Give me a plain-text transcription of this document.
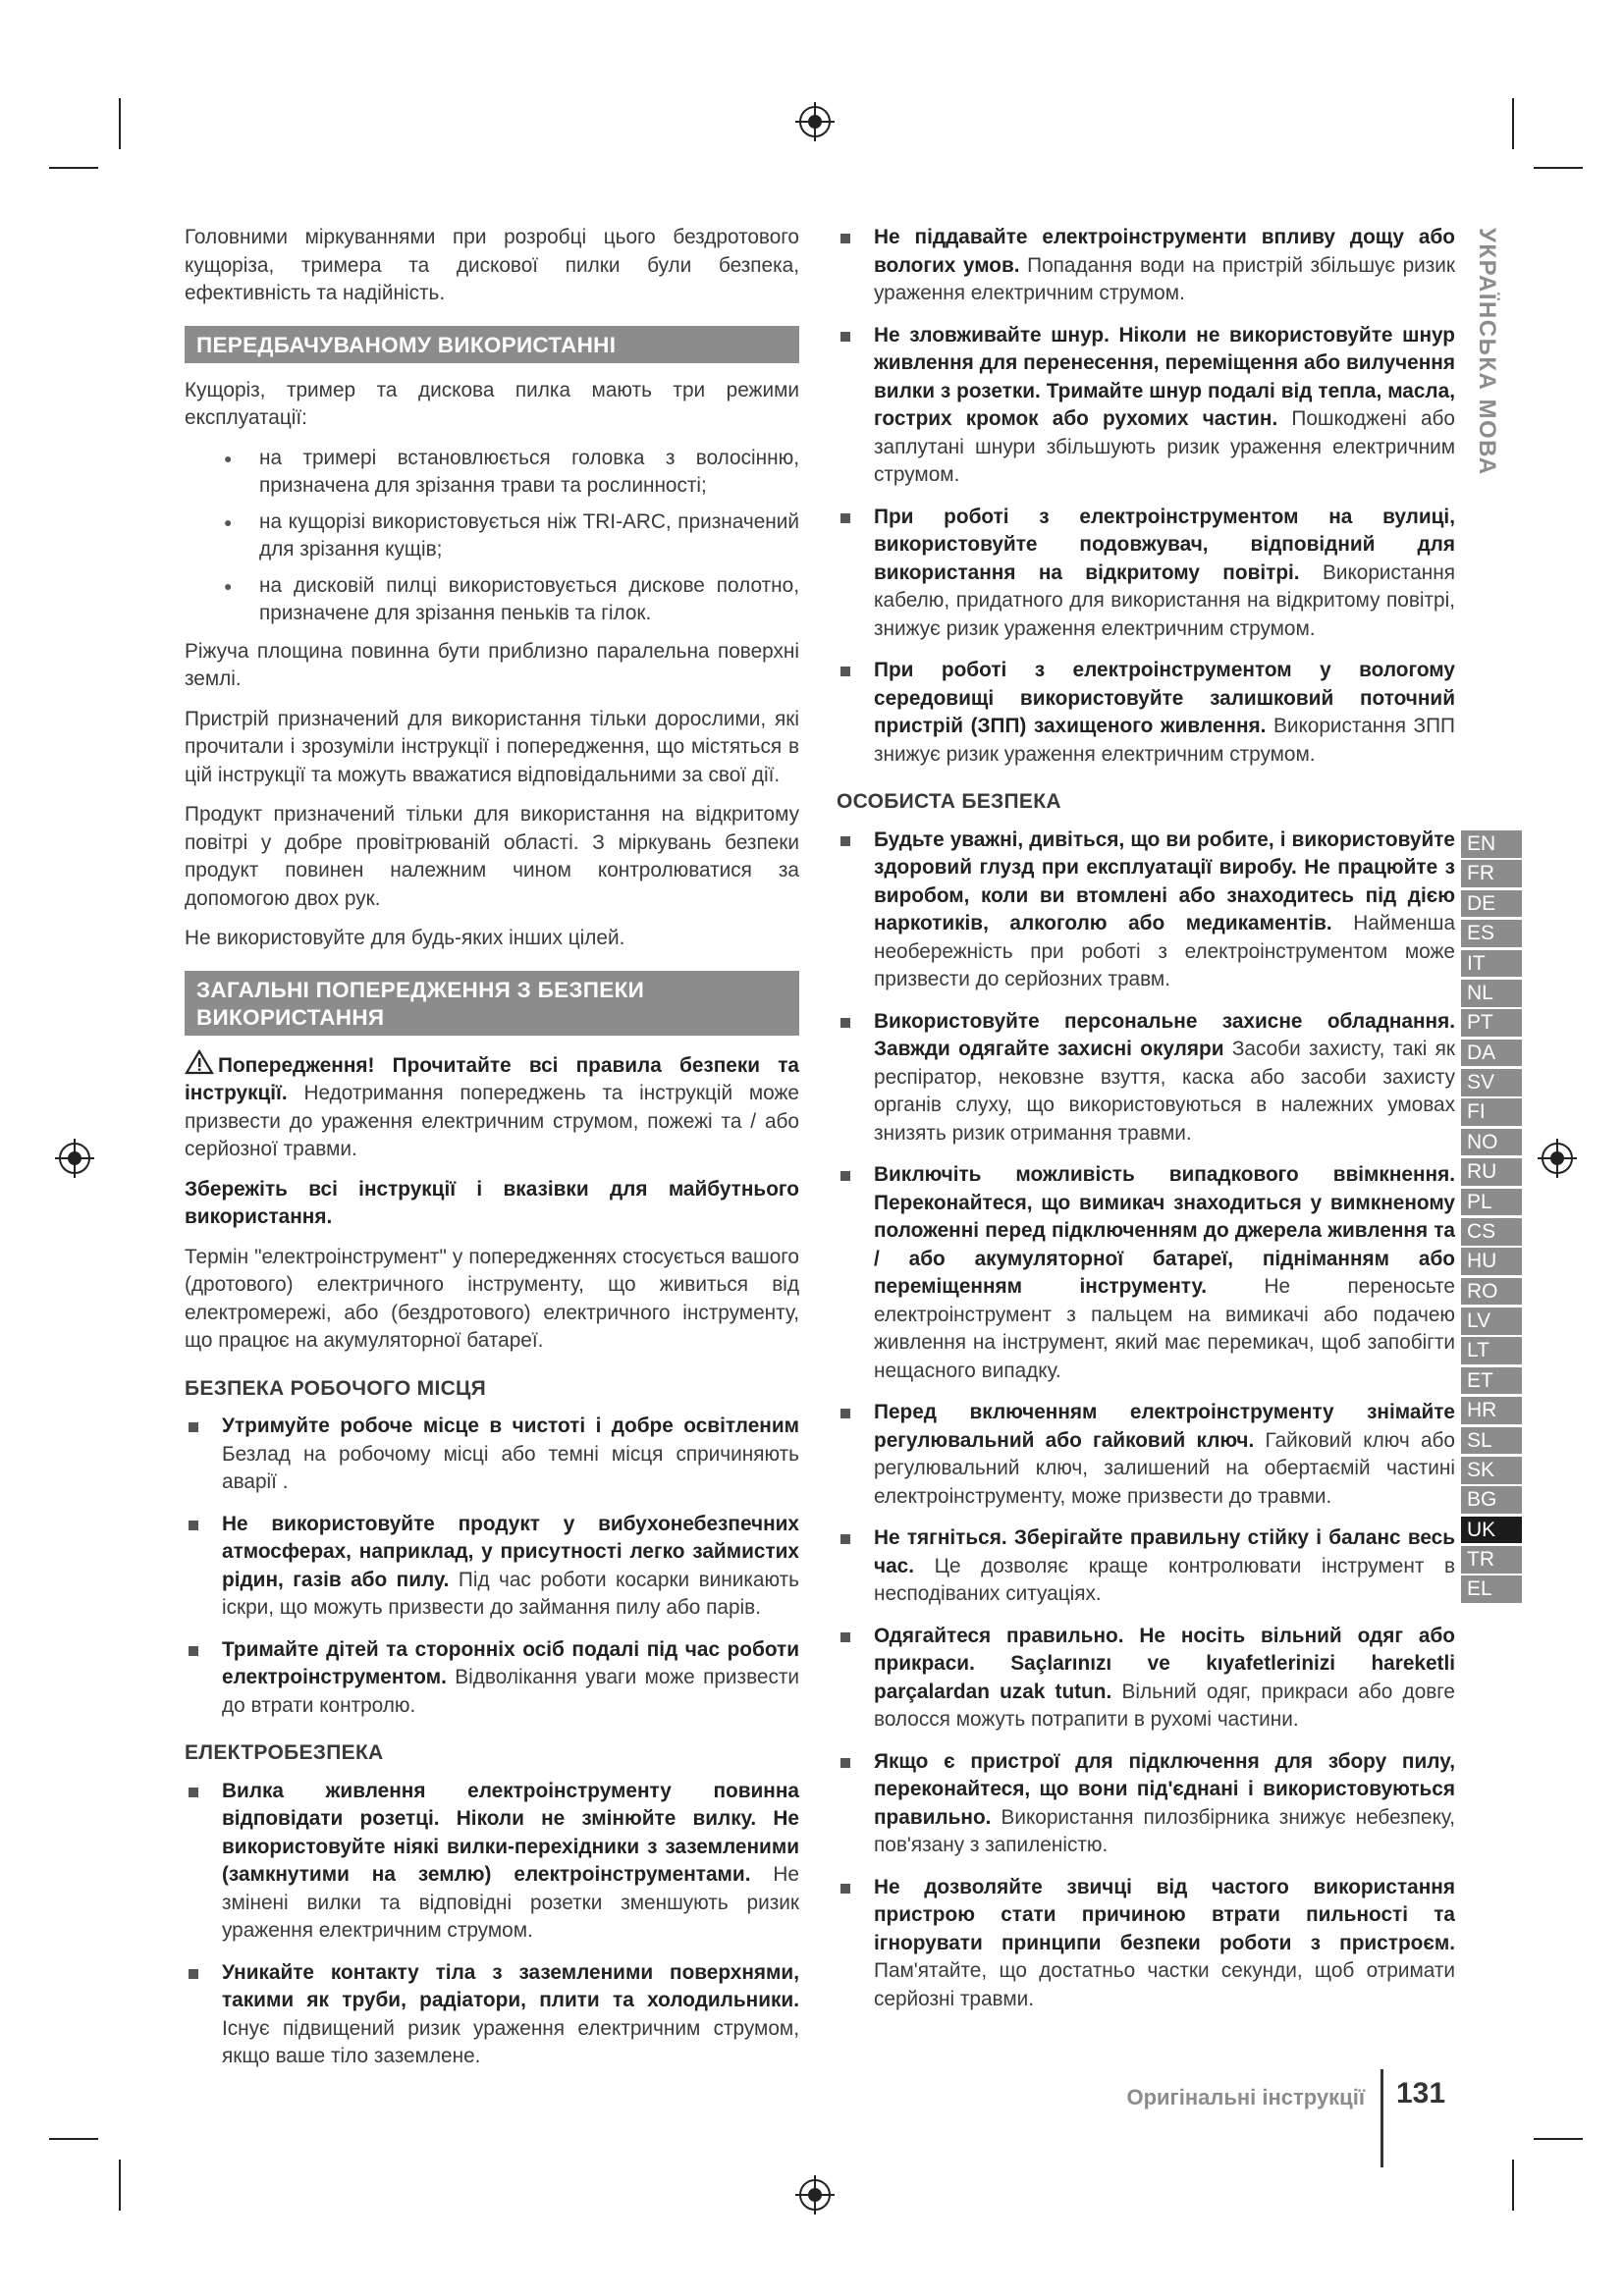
Головними міркуваннями при розробці цього бездротового кущоріза, тримера та дискової пилки були безпека, ефективність та надійність.

ПЕРЕДБАЧУВАНОМУ ВИКОРИСТАННІ

Кущоріз, тример та дискова пилка мають три режими експлуатації:

● на тримері встановлюється головка з волосінню, призначена для зрізання трави та рослинності;
● на кущорізі використовується ніж TRI-ARC, призначений для зрізання кущів;
● на дисковій пилці використовується дискове полотно, призначене для зрізання пеньків та гілок.

Ріжуча площина повинна бути приблизно паралельна поверхні землі.

Пристрій призначений для використання тільки дорослими, які прочитали і зрозуміли інструкції і попередження, що містяться в цій інструкції та можуть вважатися відповідальними за свої дії.

Продукт призначений тільки для використання на відкритому повітрі у добре провітрюваній області. З міркувань безпеки продукт повинен належним чином контролюватися за допомогою двох рук.

Не використовуйте для будь-яких інших цілей.

ЗАГАЛЬНІ ПОПЕРЕДЖЕННЯ З БЕЗПЕКИ
ВИКОРИСТАННЯ

Попередження! Прочитайте всі правила безпеки та інструкції. Недотримання попереджень та інструкцій може призвести до ураження електричним струмом, пожежі та / або серйозної травми.

Збережіть всі інструкції і вказівки для майбутнього використання.

Термін "електроінструмент" у попередженнях стосується вашого (дротового) електричного інструменту, що живиться від електромережі, або (бездротового) електричного інструменту, що працює на акумуляторної батареї.

БЕЗПЕКА РОБОЧОГО МІСЦЯ
Утримуйте робоче місце в чистоті і добре освітленим Безлад на робочому місці або темні місця спричиняють аварії .
Не використовуйте продукт у вибухонебезпечних атмосферах, наприклад, у присутності легко займистих рідин, газів або пилу. Під час роботи косарки виникають іскри, що можуть призвести до займання пилу або парів.
Тримайте дітей та сторонніх осіб подалі під час роботи електроінструментом. Відволікання уваги може призвести до втрати контролю.
ЕЛЕКТРОБЕЗПЕКА
Вилка живлення електроінструменту повинна відповідати розетці. Ніколи не змінюйте вилку. Не використовуйте ніякі вилки-перехідники з заземленими (замкнутими на землю) електроінструментами. Не змінені вилки та відповідні розетки зменшують ризик ураження електричним струмом.
Уникайте контакту тіла з заземленими поверхнями, такими як труби, радіатори, плити та холодильники. Існує підвищений ризик ураження електричним струмом, якщо ваше тіло заземлене.
Не піддавайте електроінструменти впливу дощу або вологих умов. Попадання води на пристрій збільшує ризик ураження електричним струмом.
Не зловживайте шнур. Ніколи не використовуйте шнур живлення для перенесення, переміщення або вилучення вилки з розетки. Тримайте шнур подалі від тепла, масла, гострих кромок або рухомих частин. Пошкоджені або заплутані шнури збільшують ризик ураження електричним струмом.
При роботі з електроінструментом на вулиці, використовуйте подовжувач, відповідний для використання на відкритому повітрі. Використання кабелю, придатного для використання на відкритому повітрі, знижує ризик ураження електричним струмом.
При роботі з електроінструментом у вологому середовищі використовуйте залишковий поточний пристрій (ЗПП) захищеного живлення. Використання ЗПП знижує ризик ураження електричним струмом.
ОСОБИСТА БЕЗПЕКА
Будьте уважні, дивіться, що ви робите, і використовуйте здоровий глузд при експлуатації виробу. Не працюйте з виробом, коли ви втомлені або знаходитесь під дією наркотиків, алкоголю або медикаментів. Найменша необережність при роботі з електроінструментом може призвести до серйозних травм.
Використовуйте персональне захисне обладнання. Завжди одягайте захисні окуляри Засоби захисту, такі як респіратор, нековзне взуття, каска або засоби захисту органів слуху, що використовуються в належних умовах знизять ризик отримання травми.
Виключіть можливість випадкового ввімкнення. Переконайтеся, що вимикач знаходиться у вимкненому положенні перед підключенням до джерела живлення та / або акумуляторної батареї, підніманням або переміщенням інструменту.	Не переносьте електроінструмент з пальцем на вимикачі або подачею живлення на інструмент, який має перемикач, щоб запобігти нещасного випадку.
Перед включенням електроінструменту знімайте регулювальний або гайковий ключ. Гайковий ключ або регулювальний ключ, залишений на обертаємій частині електроінструменту, може призвести до травми.
Не тягніться. Зберігайте правильну стійку і баланс весь час. Це дозволяє краще контролювати інструмент в несподіваних ситуаціях.
Одягайтеся правильно. Не носіть вільний одяг або прикраси. Saçlarınızı ve kıyafetlerinizi hareketli parçalardan uzak tutun. Вільний одяг, прикраси або довге волосся можуть потрапити в рухомі частини.
Якщо є пристрої для підключення для збору пилу, переконайтеся, що вони під'єднані і використовуються правильно. Використання пилозбірника знижує небезпеку, пов'язану з запиленістю.
Не дозволяйте звичці від частого використання пристрою стати причиною втрати пильності та ігнорувати принципи безпеки роботи з пристроєм. Пам'ятайте, що достатньо частки секунди, щоб отримати серйозні травми.
УКРАЇНСЬКА МОВА
EN
FR
DE
ES
IT
NL
PT
DA
SV
FI
NO
RU
PL
CS
HU
RO
LV
LT
ET
HR
SL
SK
BG
UK
TR
EL
Оригінальні інструкції 131
